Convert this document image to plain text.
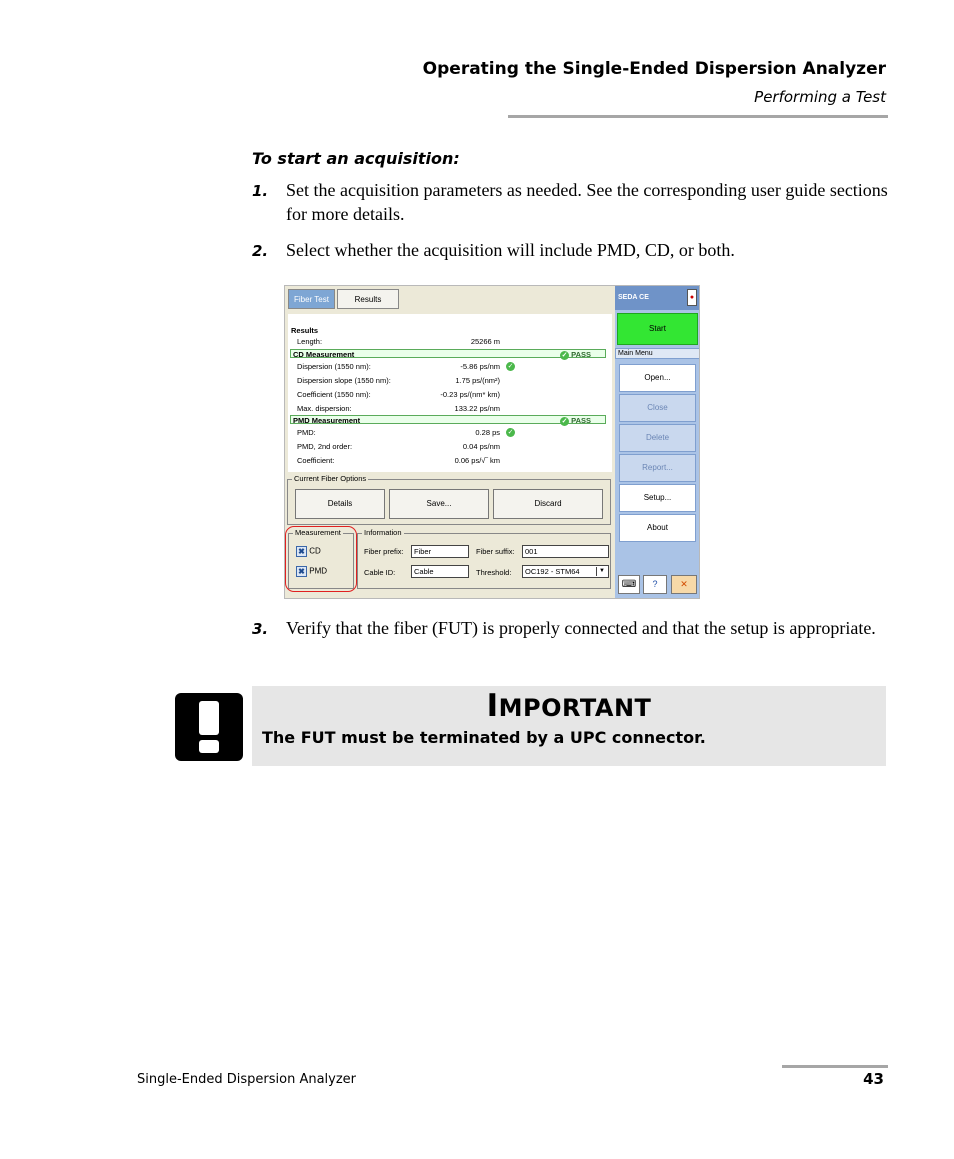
Operating the Single-Ended Dispersion Analyzer
Performing a Test
To start an acquisition:
1. Set the acquisition parameters as needed. See the corresponding user guide sections for more details.
2. Select whether the acquisition will include PMD, CD, or both.
Fiber Test	Results
Results
Length:	25266 m
CD Measurement	✓ PASS
Dispersion (1550 nm):	-5.86 ps/nm ✓
Dispersion slope (1550 nm):	1.75 ps/(nm²)
Coefficient (1550 nm):	-0.23 ps/(nm* km)
Max. dispersion:	133.22 ps/nm
PMD Measurement	✓ PASS
PMD:	0.28 ps ✓
PMD, 2nd order:	0.04 ps/nm
Coefficient:	0.06 ps/√‾ km
Current Fiber Options
Details	Save...	Discard
Measurement
✖ CD
✖ PMD
Information
Fiber prefix:	Fiber	Fiber suffix:	001
Cable ID:	Cable	Threshold:	OC192 - STM64	▼
SEDA CE	●
Start
Main Menu
Open...
Close
Delete
Report...
Setup...
About
⌨	?	✕
3. Verify that the fiber (FUT) is properly connected and that the setup is appropriate.
IMPORTANT
The FUT must be terminated by a UPC connector.
Single-Ended Dispersion Analyzer	43
